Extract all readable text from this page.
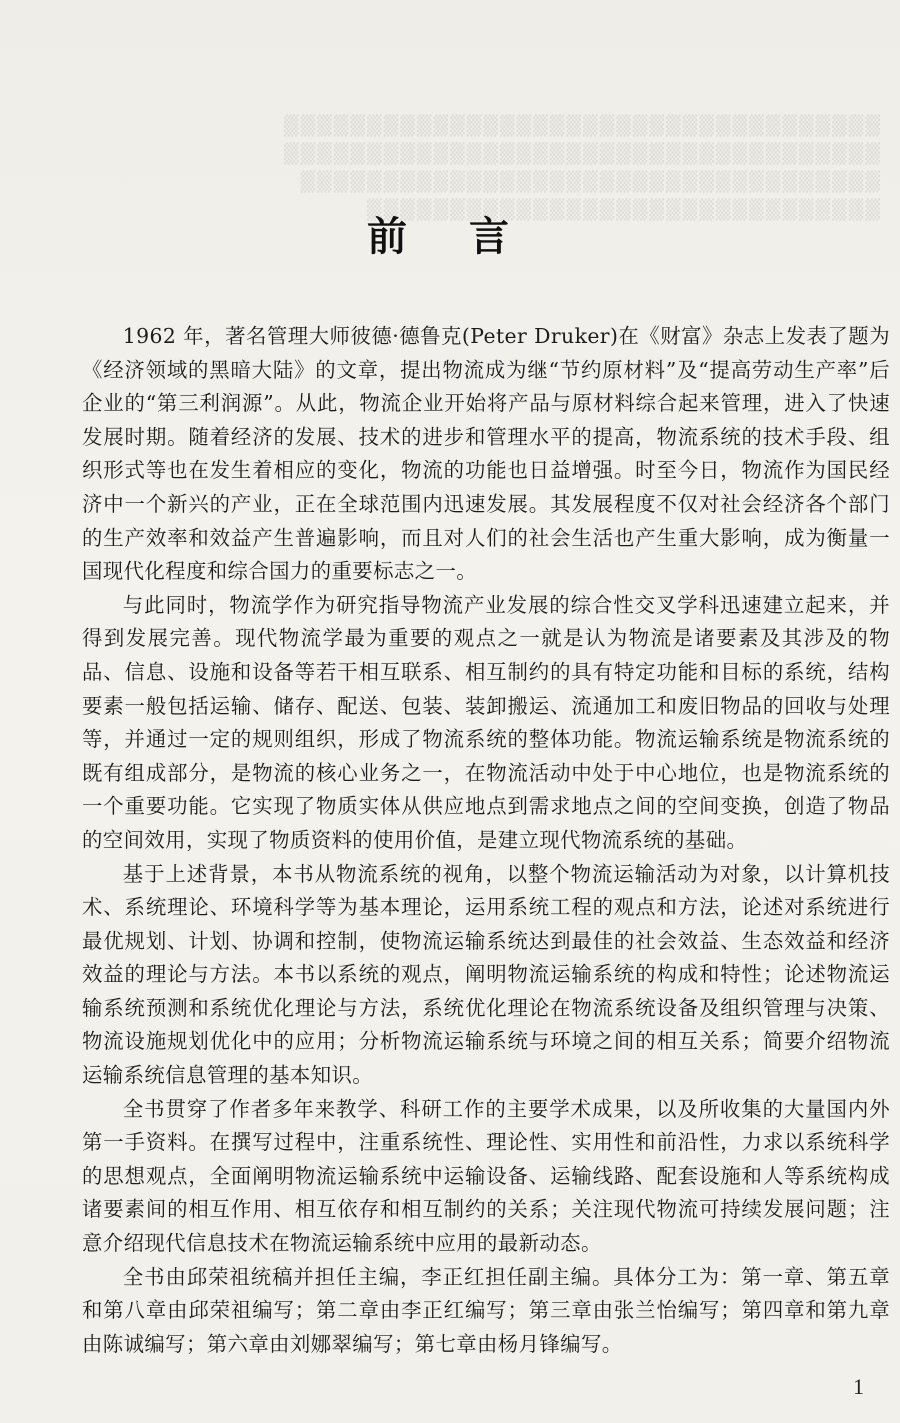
▒▒▒▒▒▒▒▒▒▒▒▒▒▒▒▒▒▒▒▒▒▒▒▒▒▒▒▒▒▒▒▒▒▒▒▒
▒▒▒▒▒▒▒▒▒▒▒▒▒▒▒▒▒▒▒▒▒▒▒▒▒▒▒▒▒▒▒▒▒▒▒▒
▒▒▒▒▒▒▒▒▒▒▒▒▒▒▒▒▒▒▒▒▒▒▒▒▒▒▒▒▒▒▒▒▒▒▒
▒▒▒▒▒▒▒▒▒▒▒▒▒▒▒▒▒▒▒▒▒▒▒▒▒▒▒▒▒▒▒
前 言

1962 年，著名管理大师彼德·德鲁克(Peter Druker)在《财富》杂志上发表了题为《经济领域的黑暗大陆》的文章，提出物流成为继“节约原材料”及“提高劳动生产率”后企业的“第三利润源”。从此，物流企业开始将产品与原材料综合起来管理，进入了快速发展时期。随着经济的发展、技术的进步和管理水平的提高，物流系统的技术手段、组织形式等也在发生着相应的变化，物流的功能也日益增强。时至今日，物流作为国民经济中一个新兴的产业，正在全球范围内迅速发展。其发展程度不仅对社会经济各个部门的生产效率和效益产生普遍影响，而且对人们的社会生活也产生重大影响，成为衡量一国现代化程度和综合国力的重要标志之一。

与此同时，物流学作为研究指导物流产业发展的综合性交叉学科迅速建立起来，并得到发展完善。现代物流学最为重要的观点之一就是认为物流是诸要素及其涉及的物品、信息、设施和设备等若干相互联系、相互制约的具有特定功能和目标的系统，结构要素一般包括运输、储存、配送、包装、装卸搬运、流通加工和废旧物品的回收与处理等，并通过一定的规则组织，形成了物流系统的整体功能。物流运输系统是物流系统的既有组成部分，是物流的核心业务之一，在物流活动中处于中心地位，也是物流系统的一个重要功能。它实现了物质实体从供应地点到需求地点之间的空间变换，创造了物品的空间效用，实现了物质资料的使用价值，是建立现代物流系统的基础。

基于上述背景，本书从物流系统的视角，以整个物流运输活动为对象，以计算机技术、系统理论、环境科学等为基本理论，运用系统工程的观点和方法，论述对系统进行最优规划、计划、协调和控制，使物流运输系统达到最佳的社会效益、生态效益和经济效益的理论与方法。本书以系统的观点，阐明物流运输系统的构成和特性；论述物流运输系统预测和系统优化理论与方法，系统优化理论在物流系统设备及组织管理与决策、物流设施规划优化中的应用；分析物流运输系统与环境之间的相互关系；简要介绍物流运输系统信息管理的基本知识。

全书贯穿了作者多年来教学、科研工作的主要学术成果，以及所收集的大量国内外第一手资料。在撰写过程中，注重系统性、理论性、实用性和前沿性，力求以系统科学的思想观点，全面阐明物流运输系统中运输设备、运输线路、配套设施和人等系统构成诸要素间的相互作用、相互依存和相互制约的关系；关注现代物流可持续发展问题；注意介绍现代信息技术在物流运输系统中应用的最新动态。

全书由邱荣祖统稿并担任主编，李正红担任副主编。具体分工为：第一章、第五章和第八章由邱荣祖编写；第二章由李正红编写；第三章由张兰怡编写；第四章和第九章由陈诚编写；第六章由刘娜翠编写；第七章由杨月锋编写。

1
